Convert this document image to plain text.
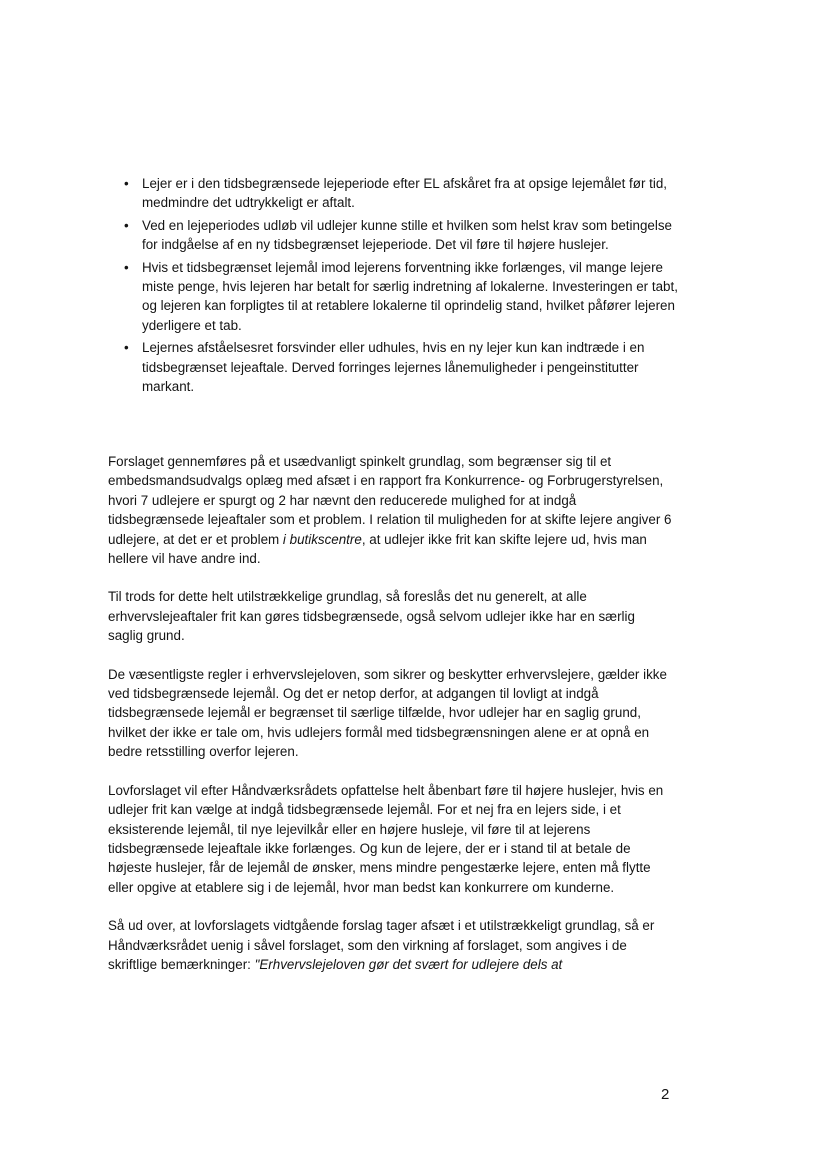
• Lejer er i den tidsbegrænsede lejeperiode efter EL afskåret fra at opsige lejemålet før tid, medmindre det udtrykkeligt er aftalt.
• Ved en lejeperiodes udløb vil udlejer kunne stille et hvilken som helst krav som betingelse for indgåelse af en ny tidsbegrænset lejeperiode. Det vil føre til højere huslejer.
• Hvis et tidsbegrænset lejemål imod lejerens forventning ikke forlænges, vil mange lejere miste penge, hvis lejeren har betalt for særlig indretning af lokalerne. Investeringen er tabt, og lejeren kan forpligtes til at retablere lokalerne til oprindelig stand, hvilket påfører lejeren yderligere et tab.
• Lejernes afståelsesret forsvinder eller udhules, hvis en ny lejer kun kan indtræde i en tidsbegrænset lejeaftale. Derved forringes lejernes lånemuligheder i pengeinstitutter markant.

Forslaget gennemføres på et usædvanligt spinkelt grundlag, som begrænser sig til et embedsmandsudvalgs oplæg med afsæt i en rapport fra Konkurrence- og Forbrugerstyrelsen, hvori 7 udlejere er spurgt og 2 har nævnt den reducerede mulighed for at indgå tidsbegrænsede lejeaftaler som et problem. I relation til muligheden for at skifte lejere angiver 6 udlejere, at det er et problem i butikscentre, at udlejer ikke frit kan skifte lejere ud, hvis man hellere vil have andre ind.

Til trods for dette helt utilstrækkelige grundlag, så foreslås det nu generelt, at alle erhvervslejeaftaler frit kan gøres tidsbegrænsede, også selvom udlejer ikke har en særlig saglig grund.

De væsentligste regler i erhvervslejeloven, som sikrer og beskytter erhvervslejere, gælder ikke ved tidsbegrænsede lejemål. Og det er netop derfor, at adgangen til lovligt at indgå tidsbegrænsede lejemål er begrænset til særlige tilfælde, hvor udlejer har en saglig grund, hvilket der ikke er tale om, hvis udlejers formål med tidsbegrænsningen alene er at opnå en bedre retsstilling overfor lejeren.

Lovforslaget vil efter Håndværksrådets opfattelse helt åbenbart føre til højere huslejer, hvis en udlejer frit kan vælge at indgå tidsbegrænsede lejemål. For et nej fra en lejers side, i et eksisterende lejemål, til nye lejevilkår eller en højere husleje, vil føre til at lejerens tidsbegrænsede lejeaftale ikke forlænges. Og kun de lejere, der er i stand til at betale de højeste huslejer, får de lejemål de ønsker, mens mindre pengestærke lejere, enten må flytte eller opgive at etablere sig i de lejemål, hvor man bedst kan konkurrere om kunderne.

Så ud over, at lovforslagets vidtgående forslag tager afsæt i et utilstrækkeligt grundlag, så er Håndværksrådet uenig i såvel forslaget, som den virkning af forslaget, som angives i de skriftlige bemærkninger: "Erhvervslejeloven gør det svært for udlejere dels at

2
